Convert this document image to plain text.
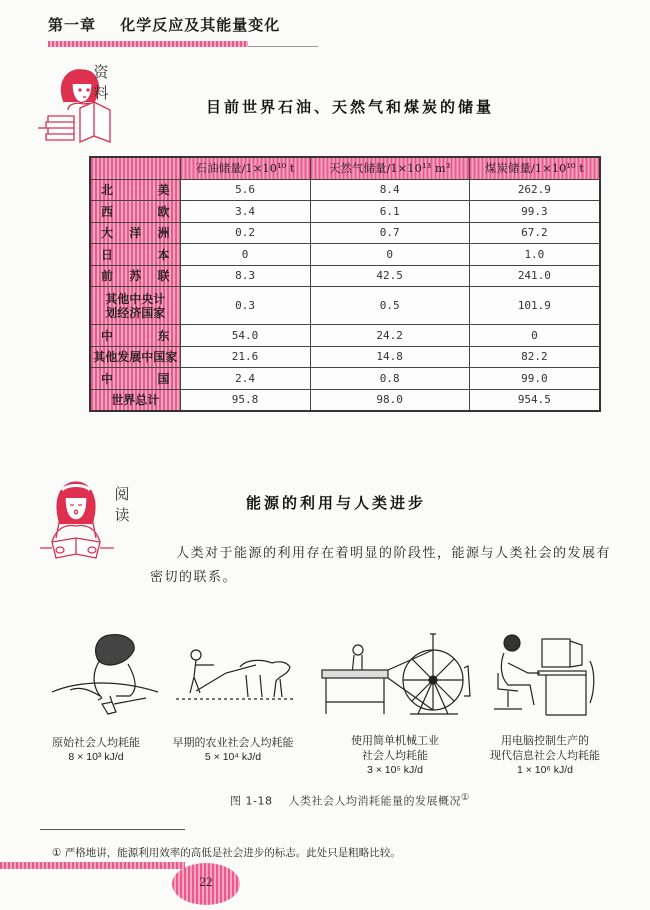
第一章 化学反应及其能量变化
资
料
目前世界石油、天然气和煤炭的储量
	石油储量/1×10¹⁰ t	天然气储量/1×10¹³ m³	煤炭储量/1×10¹⁰ t

北 美	5.6	8.4	262.9

西 欧	3.4	6.1	99.3

大 洋 洲	0.2	0.7	67.2

日 本	0	0	1.0

前 苏 联	8.3	42.5	241.0

其他中央计
划经济国家	0.3	0.5	101.9

中 东	54.0	24.2	0
其他发展中国家	21.6	14.8	82.2

中 国	2.4	0.8	99.0
世界总计	95.8	98.0	954.5
阅
读
能源的利用与人类进步
人类对于能源的利用存在着明显的阶段性，能源与人类社会的发展有
密切的联系。
原始社会人均耗能
8 × 10³ kJ/d
早期的农业社会人均耗能
5 × 10⁴ kJ/d
使用简单机械工业
社会人均耗能
3 × 10⁵ kJ/d
用电脑控制生产的
现代信息社会人均耗能
1 × 10⁶ kJ/d
图 1-18 人类社会人均消耗能量的发展概况①
① 严格地讲，能源利用效率的高低是社会进步的标志。此处只是粗略比较。
22
